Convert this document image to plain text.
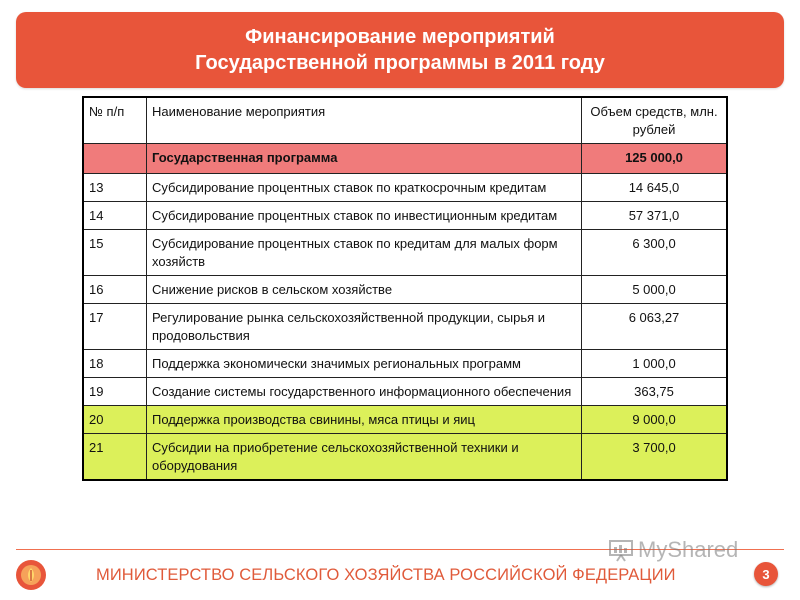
Финансирование мероприятий
Государственной программы в 2011 году
№ п/п	Наименование мероприятия	Объем средств, млн. рублей
	Государственная программа	125 000,0
13	Субсидирование процентных ставок по краткосрочным кредитам	14 645,0
14	Субсидирование процентных ставок по инвестиционным кредитам	57 371,0
15	Субсидирование процентных ставок по кредитам для малых форм хозяйств	6 300,0
16	Снижение рисков в сельском хозяйстве	5 000,0
17	Регулирование рынка сельскохозяйственной продукции, сырья и продовольствия	6 063,27
18	Поддержка экономически значимых региональных программ	1 000,0
19	Создание системы государственного информационного обеспечения	363,75
20	Поддержка производства свинины, мяса птицы и яиц	9 000,0
21	Субсидии на приобретение сельскохозяйственной техники и оборудования	3 700,0
МИНИСТЕРСТВО СЕЛЬСКОГО ХОЗЯЙСТВА РОССИЙСКОЙ ФЕДЕРАЦИИ
MyShared
3
